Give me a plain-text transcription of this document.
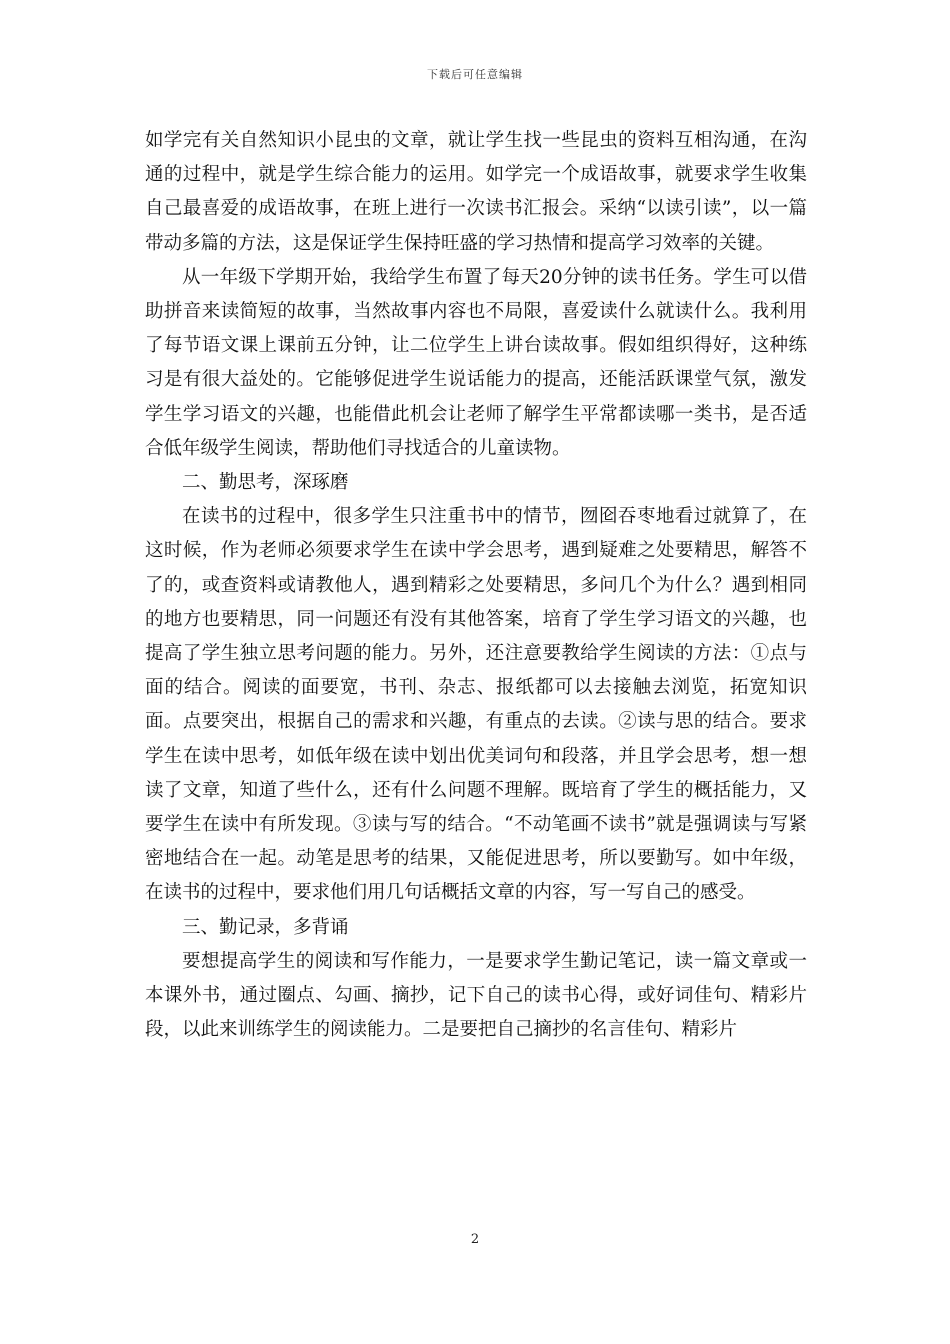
下载后可任意编辑

如学完有关自然知识小昆虫的文章，就让学生找一些昆虫的资料互相沟通，在沟通的过程中，就是学生综合能力的运用。如学完一个成语故事，就要求学生收集自己最喜爱的成语故事，在班上进行一次读书汇报会。采纳“以读引读”，以一篇带动多篇的方法，这是保证学生保持旺盛的学习热情和提高学习效率的关键。

从一年级下学期开始，我给学生布置了每天20分钟的读书任务。学生可以借助拼音来读简短的故事，当然故事内容也不局限，喜爱读什么就读什么。我利用了每节语文课上课前五分钟，让二位学生上讲台读故事。假如组织得好，这种练习是有很大益处的。它能够促进学生说话能力的提高，还能活跃课堂气氛，激发学生学习语文的兴趣，也能借此机会让老师了解学生平常都读哪一类书，是否适合低年级学生阅读，帮助他们寻找适合的儿童读物。

二、勤思考，深琢磨

在读书的过程中，很多学生只注重书中的情节，囫囵吞枣地看过就算了，在这时候，作为老师必须要求学生在读中学会思考，遇到疑难之处要精思，解答不了的，或查资料或请教他人，遇到精彩之处要精思，多问几个为什么？遇到相同的地方也要精思，同一问题还有没有其他答案，培育了学生学习语文的兴趣，也提高了学生独立思考问题的能力。另外，还注意要教给学生阅读的方法：①点与面的结合。阅读的面要宽，书刊、杂志、报纸都可以去接触去浏览，拓宽知识面。点要突出，根据自己的需求和兴趣，有重点的去读。②读与思的结合。要求学生在读中思考，如低年级在读中划出优美词句和段落，并且学会思考，想一想读了文章，知道了些什么，还有什么问题不理解。既培育了学生的概括能力，又要学生在读中有所发现。③读与写的结合。“不动笔画不读书”就是强调读与写紧密地结合在一起。动笔是思考的结果，又能促进思考，所以要勤写。如中年级，在读书的过程中，要求他们用几句话概括文章的内容，写一写自己的感受。

三、勤记录，多背诵

要想提高学生的阅读和写作能力，一是要求学生勤记笔记，读一篇文章或一本课外书，通过圈点、勾画、摘抄，记下自己的读书心得，或好词佳句、精彩片段，以此来训练学生的阅读能力。二是要把自己摘抄的名言佳句、精彩片

2
